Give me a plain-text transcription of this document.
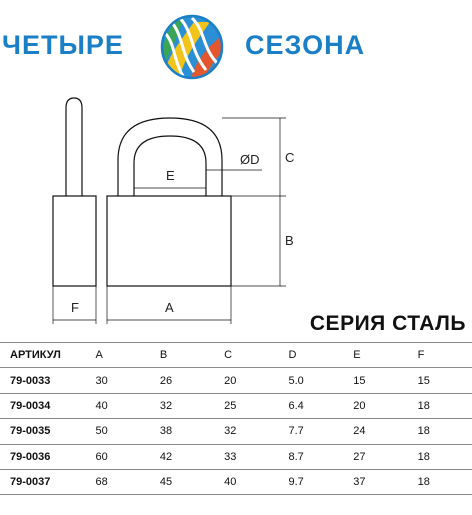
ЧЕТЫРЕ	СЕЗОНА
F	A
B
C
ØD
E
СЕРИЯ СТАЛЬ
АРТИКУЛ	A	B	C	D	E	F
79-0033	30	26	20	5.0	15	15
79-0034	40	32	25	6.4	20	18
79-0035	50	38	32	7.7	24	18
79-0036	60	42	33	8.7	27	18
79-0037	68	45	40	9.7	37	18
